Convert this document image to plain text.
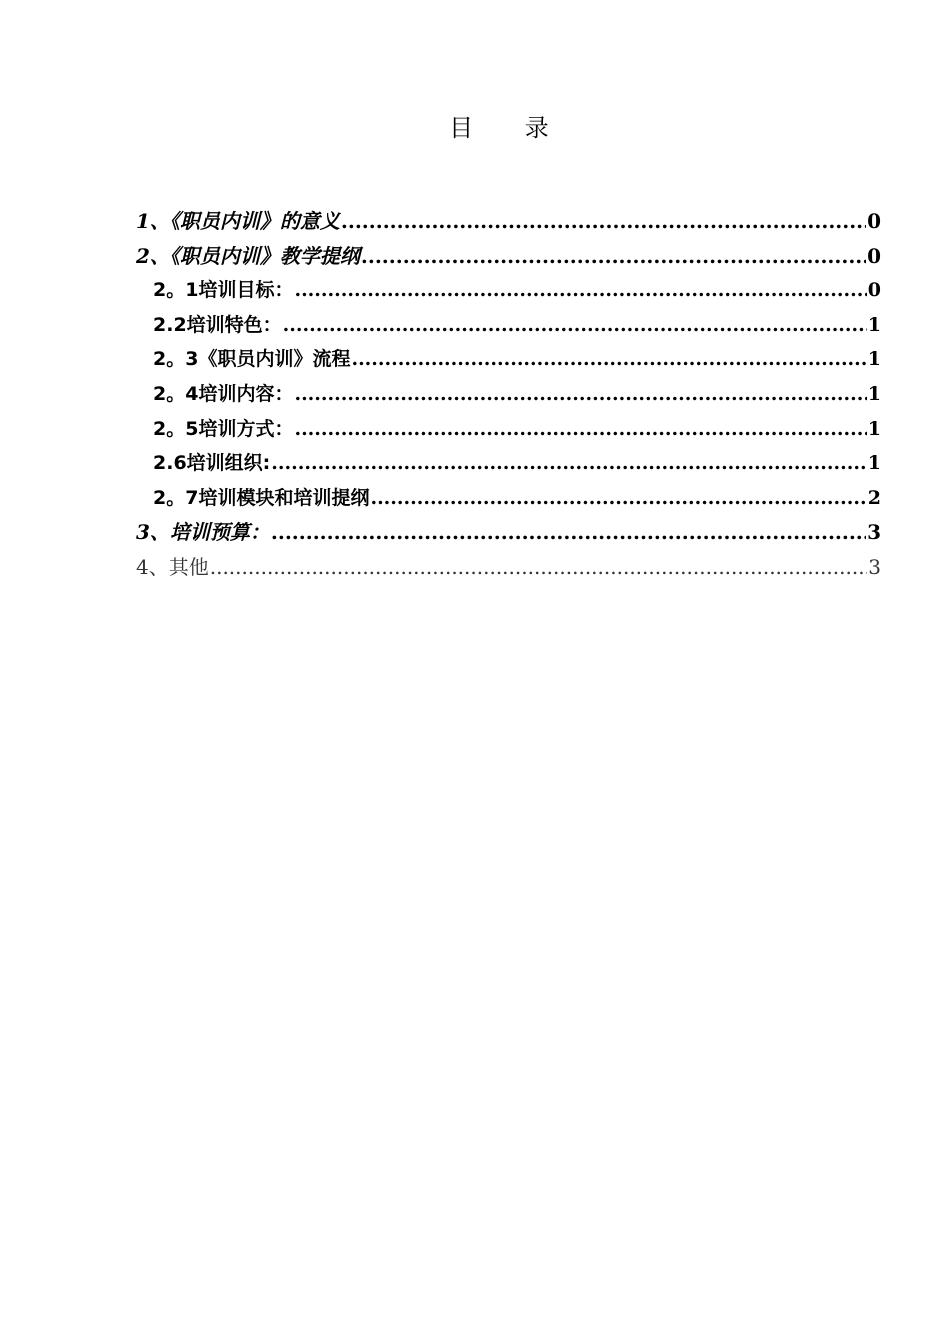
目 录
1、《职员内训》的意义 .....	0
2、《职员内训》教学提纲 .....	0
2。1培训目标： .....	0
2.2培训特色： .....	1
2。3《职员内训》流程 .....	1
2。4培训内容： .....	1
2。5培训方式： .....	1
2.6培训组织: .....	1
2。7培训模块和培训提纲 .....	2
3、培训预算： .....	3
4、其他 .....	3
